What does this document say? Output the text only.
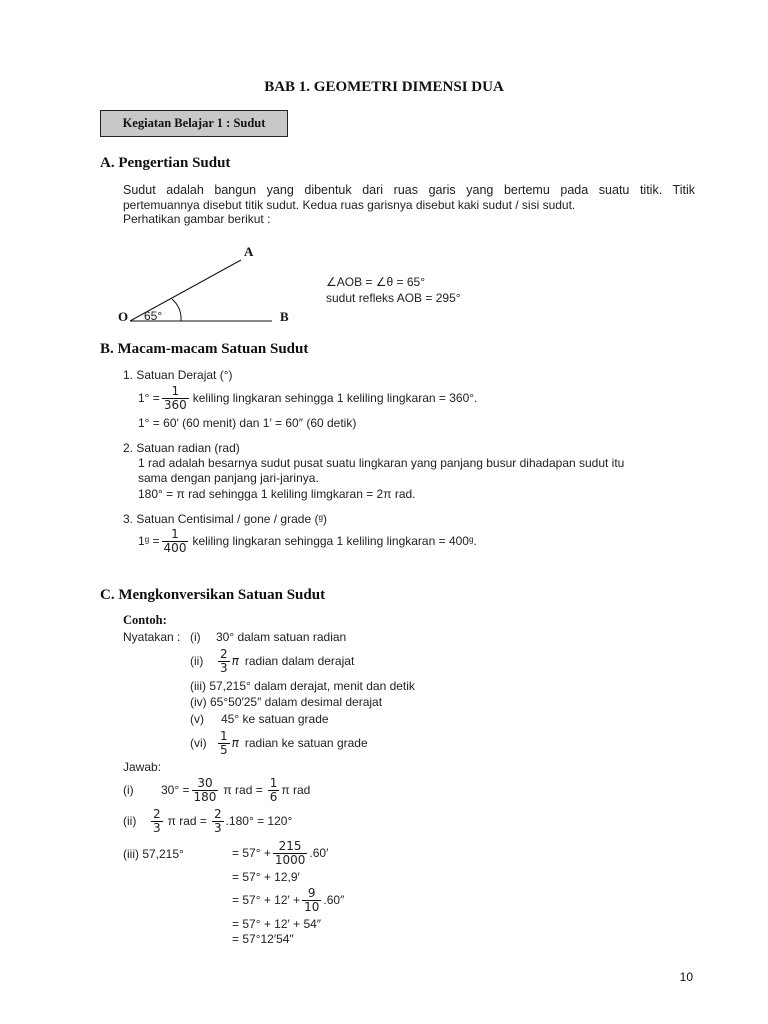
BAB 1. GEOMETRI DIMENSI DUA
Kegiatan Belajar 1 : Sudut
A. Pengertian Sudut
Sudut adalah bangun yang dibentuk dari ruas garis yang bertemu pada suatu titik. Titik
pertemuannya disebut titik sudut. Kedua ruas garisnya disebut kaki sudut / sisi sudut.
Perhatikan gambar berikut :
A
O	B
65°
∠AOB = ∠θ = 65°
sudut refleks AOB = 295°
B. Macam-macam Satuan Sudut
1. Satuan Derajat (°)
$1^\circ = \frac{1}{360}$ keliling lingkaran sehingga 1 keliling lingkaran = 360°.
1° = 60′ (60 menit) dan 1′ = 60″ (60 detik)
2. Satuan radian (rad)
1 rad adalah besarnya sudut pusat suatu lingkaran yang panjang busur dihadapan sudut itu
sama dengan panjang jari-jarinya.
180° = π rad sehingga 1 keliling limgkaran = 2π rad.
3. Satuan Centisimal / gone / grade (ᵍ)
1ᵍ = $\frac{1}{400}$ keliling lingkaran sehingga 1 keliling lingkaran = 400ᵍ.
C. Mengkonversikan Satuan Sudut
Contoh:
Nyatakan : (i) 30° dalam satuan radian
(ii)	$\frac{2}{3}$ π radian dalam derajat
(iii) 57,215° dalam derajat, menit dan detik
(iv) 65°50′25″ dalam desimal derajat
(v) 45° ke satuan grade
$(vi) \frac{1}{5}$ π radian ke satuan grade
Jawab:
(i)	$30^\circ = \frac{30}{180}$ π rad = $\frac{1}{6}$ π rad
(ii)	$\frac{2}{3}$ π rad = $\frac{2}{3} .180^\circ = 120^\circ$
(iii) 57,215°	= $57^\circ + \frac{215}{1000} .60'$
= 57° + 12,9′
= $57^\circ + 12' + \frac{9}{10} .60''$
= 57° + 12′ + 54″
= 57°12′54″
10
